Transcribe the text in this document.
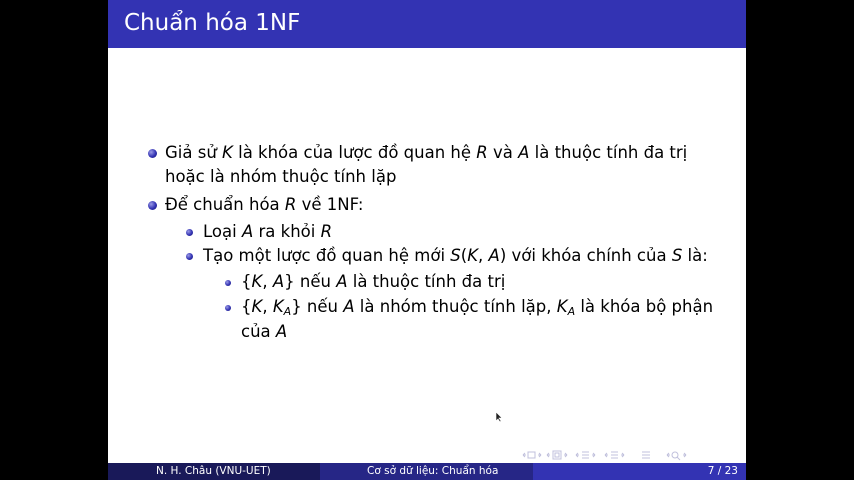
Chuẩn hóa 1NF
Giả sử K là khóa của lược đồ quan hệ R và A là thuộc tính đa trị
hoặc là nhóm thuộc tính lặp
Để chuẩn hóa R về 1NF:
Loại A ra khỏi R
Tạo một lược đồ quan hệ mới S(K, A) với khóa chính của S là:
{K, A} nếu A là thuộc tính đa trị
{K, $K_A$} nếu A là nhóm thuộc tính lặp, $K_A$ là khóa bộ phận
của A
N. H. Châu (VNU-UET)	Cơ sở dữ liệu: Chuẩn hóa	7 / 23
